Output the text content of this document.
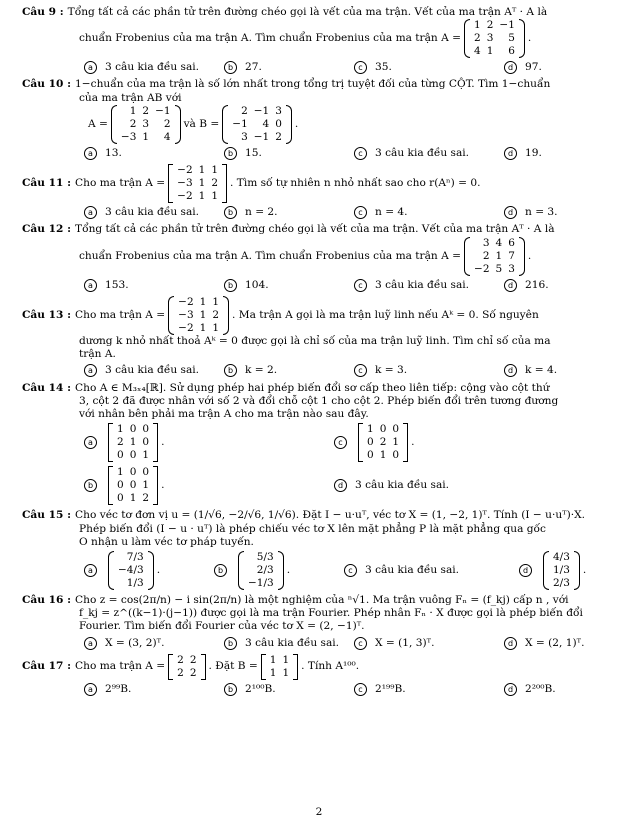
Câu 9 : Tổng tất cả các phần tử trên đường chéo gọi là vết của ma trận. Vết của ma trận Aᵀ · A là
chuẩn Frobenius của ma trận A. Tìm chuẩn Frobenius của ma trận A =
1 2 −1
2 3	5
4 1	6
.
a	3 câu kia đều sai.	b	27.	c	35.	d	97.
Câu 10 : 1−chuẩn của ma trận là số lớn nhất trong tổng trị tuyệt đối của từng CỘT. Tìm 1−chuẩn
của ma trận AB với
A =
1 2 −1
2 3	2
−3 1	4
và B =
2 −1 3
−1	4 0
3 −1 2
.
a	13.	b	15.	c	3 câu kia đều sai.	d	19.
Câu 11 : Cho ma trận A =
−2 1 1
−3 1 2
−2 1 1
. Tìm số tự nhiên n nhỏ nhất sao cho r(Aⁿ) = 0.
a	3 câu kia đều sai.	b	n = 2.	c	n = 4.	d	n = 3.
Câu 12 : Tổng tất cả các phần tử trên đường chéo gọi là vết của ma trận. Vết của ma trận Aᵀ · A là
chuẩn Frobenius của ma trận A. Tìm chuẩn Frobenius của ma trận A =
3 4 6
2 1 7
−2 5 3
.
a	153.	b	104.	c	3 câu kia đều sai.	d	216.
Câu 13 : Cho ma trận A =
−2 1 1
−3 1 2
−2 1 1
. Ma trận A gọi là ma trận luỹ linh nếu Aᵏ = 0. Số nguyên
dương k nhỏ nhất thoả Aᵏ = 0 được gọi là chỉ số của ma trận luỹ linh. Tìm chỉ số của ma
trận A.
a	3 câu kia đều sai.	b	k = 2.	c	k = 3.	d	k = 4.
Câu 14 : Cho A ∈ M₃ₓ₄[ℝ]. Sử dụng phép hai phép biến đổi sơ cấp theo liên tiếp: cộng vào cột thứ
3, cột 2 đã được nhân với số 2 và đổi chỗ cột 1 cho cột 2. Phép biến đổi trên tương đương
với nhân bên phải ma trận A cho ma trận nào sau đây.
a
1 0 0
2 1 0
0 0 1
.	c
1 0 0
0 2 1
0 1 0
.
b
1 0 0
0 0 1
0 1 2
.	d	3 câu kia đều sai.
Câu 15 : Cho véc tơ đơn vị u = (1/√6, −2/√6, 1/√6). Đặt I − u·uᵀ, véc tơ X = (1, −2, 1)ᵀ. Tính (I − u·uᵀ)·X.
Phép biến đổi (I − u · uᵀ) là phép chiếu véc tơ X lên mặt phẳng P là mặt phẳng qua gốc
O nhận u làm véc tơ pháp tuyến.
a
7/3
−4/3
1/3
.	b
5/3
2/3
−1/3
.	c	3 câu kia đều sai.	d
4/3
1/3
2/3
.
Câu 16 : Cho z = cos(2π/n) − i sin(2π/n) là một nghiệm của ⁿ√1. Ma trận vuông Fₙ = (f_kj) cấp n , với
f_kj = z^((k−1)·(j−1)) được gọi là ma trận Fourier. Phép nhân Fₙ · X được gọi là phép biến đổi
Fourier. Tìm biến đổi Fourier của véc tơ X = (2, −1)ᵀ.
a	X = (3, 2)ᵀ.	b	3 câu kia đều sai.	c	X = (1, 3)ᵀ.	d	X = (2, 1)ᵀ.
Câu 17 : Cho ma trận A =
2 2
2 2
. Đặt B =
1 1
1 1
. Tính A¹⁰⁰.
a	2⁹⁹B.	b	2¹⁰⁰B.	c	2¹⁹⁹B.	d	2²⁰⁰B.
2
